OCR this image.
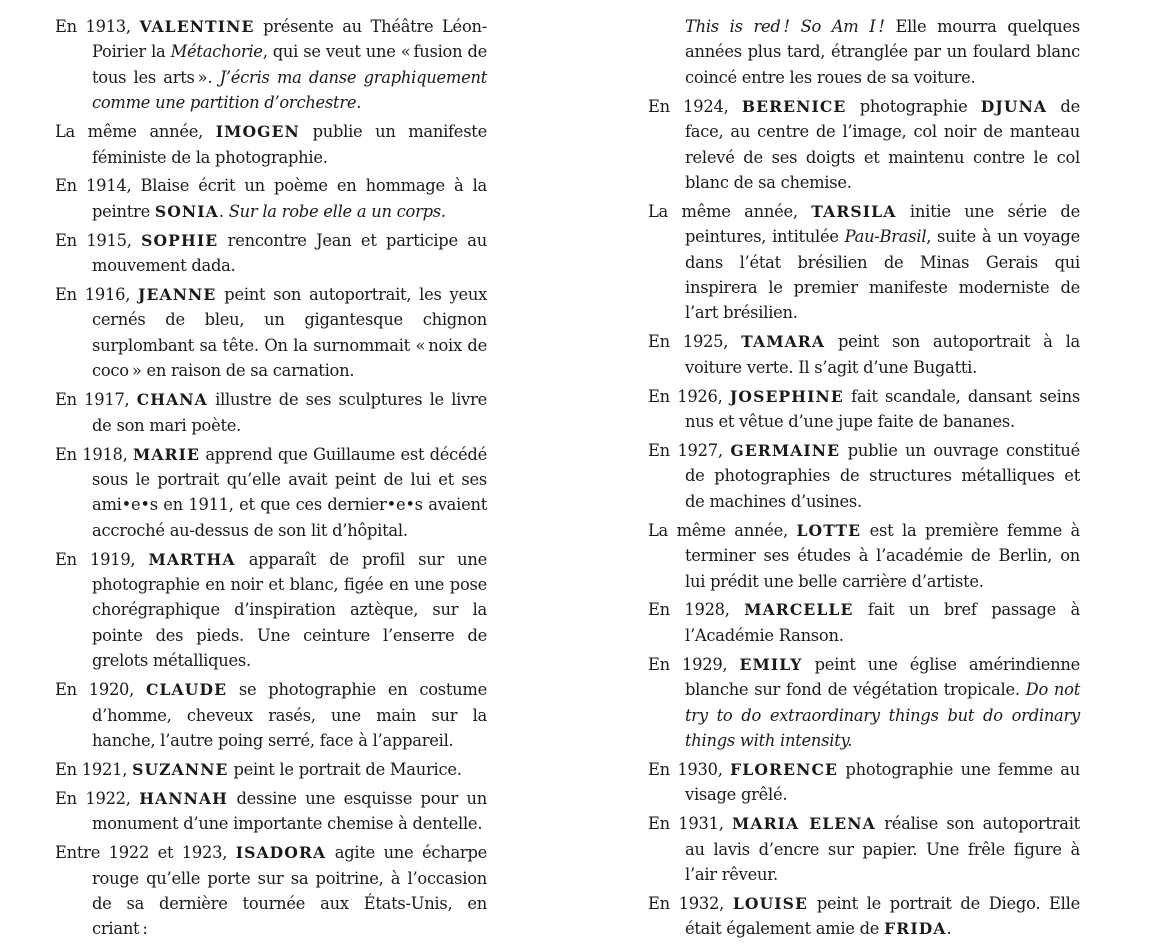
En 1913, VALENTINE présente au Théâtre Léon-Poirier la Métachorie, qui se veut une « fusion de tous les arts ». J’écris ma danse graphiquement comme une partition d’orchestre.

La même année, IMOGEN publie un manifeste féministe de la photographie.

En 1914, Blaise écrit un poème en hommage à la peintre SONIA. Sur la robe elle a un corps.

En 1915, SOPHIE rencontre Jean et participe au mouvement dada.

En 1916, JEANNE peint son autoportrait, les yeux cernés de bleu, un gigantesque chignon surplombant sa tête. On la surnommait « noix de coco » en raison de sa carnation.

En 1917, CHANA illustre de ses sculptures le livre de son mari poète.

En 1918, MARIE apprend que Guillaume est décédé sous le portrait qu’elle avait peint de lui et ses ami•e•s en 1911, et que ces dernier•e•s avaient accroché au-dessus de son lit d’hôpital.

En 1919, MARTHA apparaît de profil sur une photographie en noir et blanc, figée en une pose chorégraphique d’inspiration aztèque, sur la pointe des pieds. Une ceinture l’enserre de grelots métalliques.

En 1920, CLAUDE se photographie en costume d’homme, cheveux rasés, une main sur la hanche, l’autre poing serré, face à l’appareil.

En 1921, SUZANNE peint le portrait de Maurice.

En 1922, HANNAH dessine une esquisse pour un monument d’une importante chemise à dentelle.

Entre 1922 et 1923, ISADORA agite une écharpe rouge qu’elle porte sur sa poitrine, à l’occasion de sa dernière tournée aux États-Unis, en criant :

This is red ! So Am I ! Elle mourra quelques années plus tard, étranglée par un foulard blanc coincé entre les roues de sa voiture.

En 1924, BERENICE photographie DJUNA de face, au centre de l’image, col noir de manteau relevé de ses doigts et maintenu contre le col blanc de sa chemise.

La même année, TARSILA initie une série de peintures, intitulée Pau-Brasil, suite à un voyage dans l’état brésilien de Minas Gerais qui inspirera le premier manifeste moderniste de l’art brésilien.

En 1925, TAMARA peint son autoportrait à la voiture verte. Il s’agit d’une Bugatti.

En 1926, JOSEPHINE fait scandale, dansant seins nus et vêtue d’une jupe faite de bananes.

En 1927, GERMAINE publie un ouvrage constitué de photographies de structures métalliques et de machines d’usines.

La même année, LOTTE est la première femme à terminer ses études à l’académie de Berlin, on lui prédit une belle carrière d’artiste.

En 1928, MARCELLE fait un bref passage à l’Académie Ranson.

En 1929, EMILY peint une église amérindienne blanche sur fond de végétation tropicale. Do not try to do extraordinary things but do ordinary things with intensity.

En 1930, FLORENCE photographie une femme au visage grêlé.

En 1931, MARIA ELENA réalise son autoportrait au lavis d’encre sur papier. Une frêle figure à l’air rêveur.

En 1932, LOUISE peint le portrait de Diego. Elle était également amie de FRIDA.
